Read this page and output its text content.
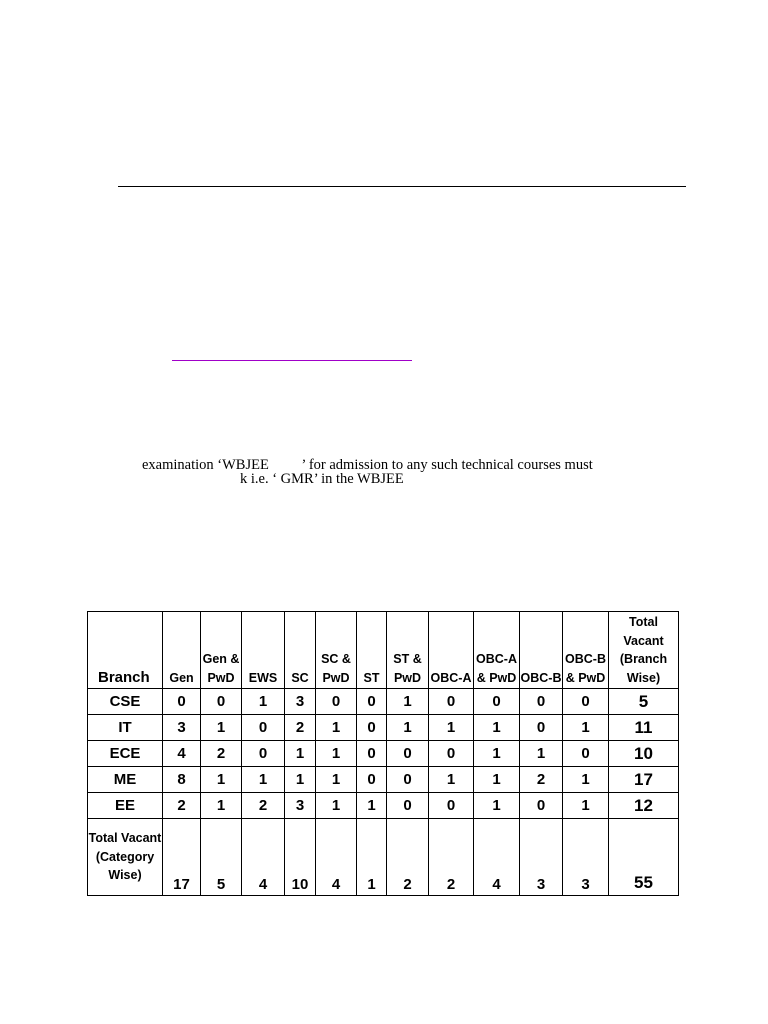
examination ‘WBJEE         ’ for admission to any such technical courses must
k i.e. ‘ GMR’ in the WBJEE
Branch	Gen	Gen & PwD	EWS	SC	SC & PwD	ST	ST & PwD	OBC-A	OBC-A & PwD	OBC-B	OBC-B & PwD	Total Vacant (Branch Wise)
CSE	0	0	1	3	0	0	1	0	0	0	0	5
IT	3	1	0	2	1	0	1	1	1	0	1	11
ECE	4	2	0	1	1	0	0	0	1	1	0	10
ME	8	1	1	1	1	0	0	1	1	2	1	17
EE	2	1	2	3	1	1	0	0	1	0	1	12
Total Vacant (Category Wise)	17	5	4	10	4	1	2	2	4	3	3	55
